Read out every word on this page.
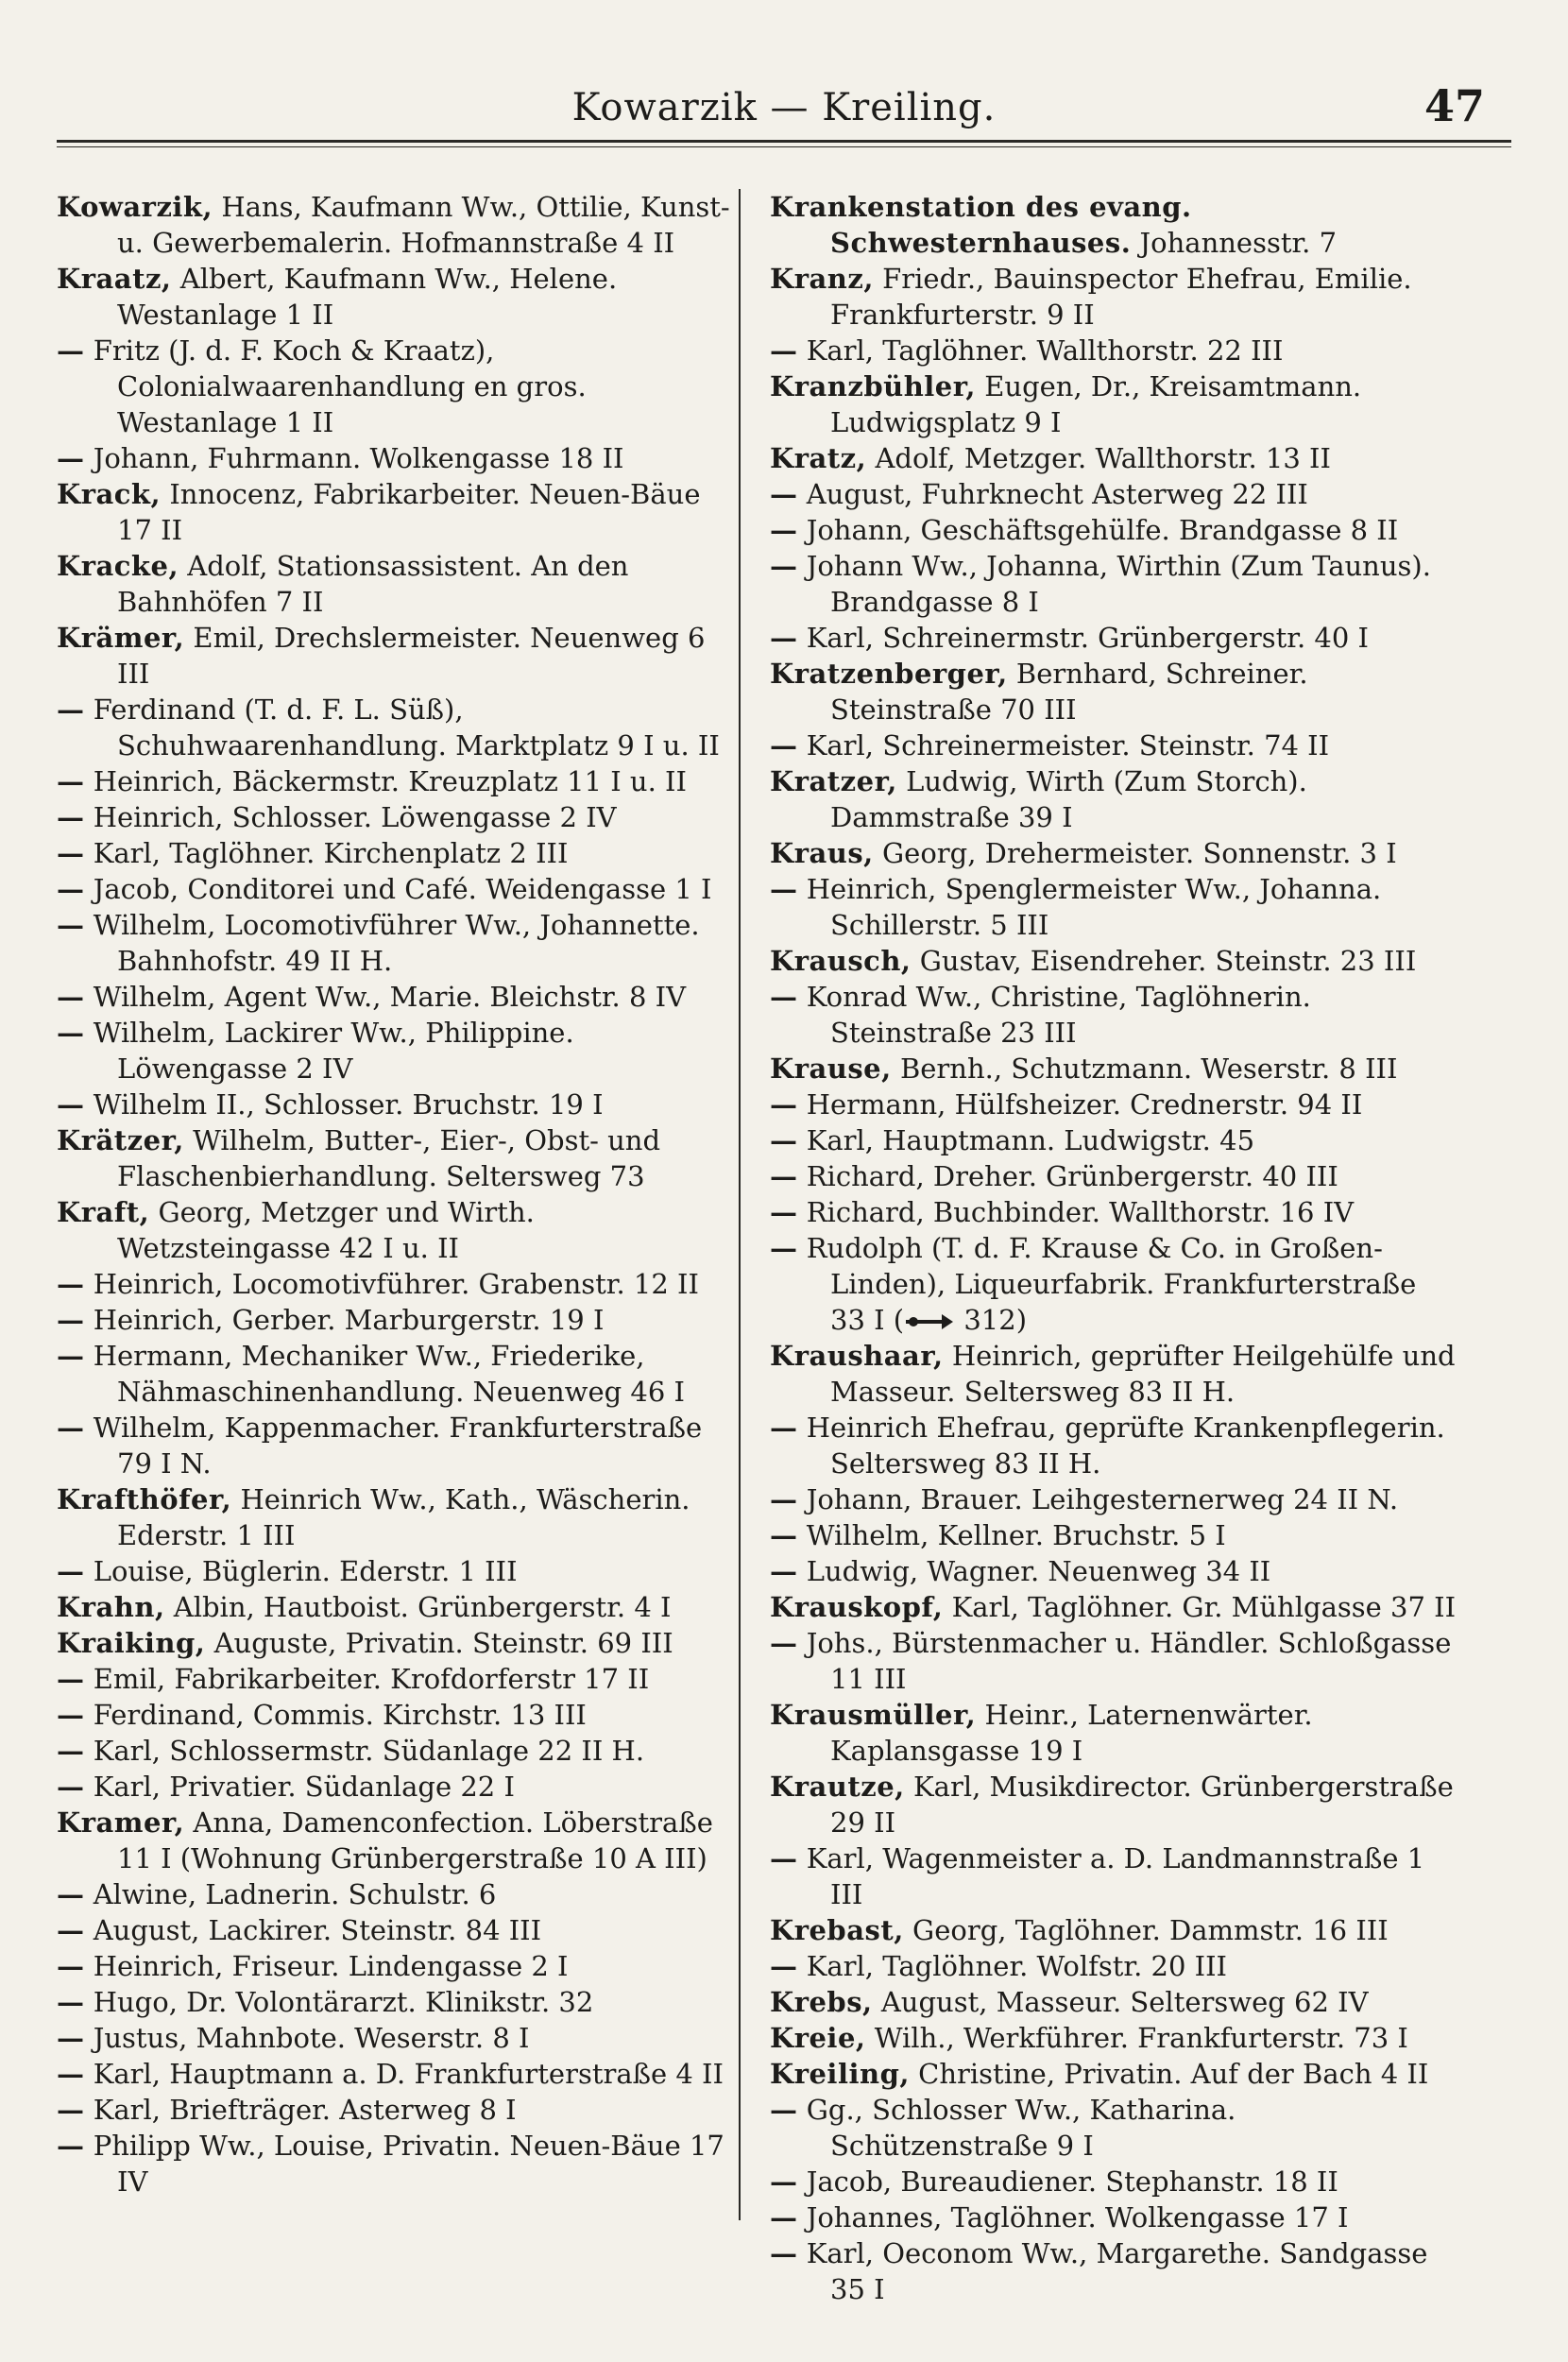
Kowarzik — Kreiling.	47

Kowarzik, Hans, Kaufmann Ww., Ottilie, Kunst- u. Gewerbemalerin. Hofmannstraße 4 II

Kraatz, Albert, Kaufmann Ww., Helene. Westanlage 1 II

— Fritz (J. d. F. Koch & Kraatz), Colonialwaarenhandlung en gros. Westanlage 1 II

— Johann, Fuhrmann. Wolkengasse 18 II

Krack, Innocenz, Fabrikarbeiter. Neuen-Bäue 17 II

Kracke, Adolf, Stationsassistent. An den Bahnhöfen 7 II

Krämer, Emil, Drechslermeister. Neuenweg 6 III

— Ferdinand (T. d. F. L. Süß), Schuhwaarenhandlung. Marktplatz 9 I u. II

— Heinrich, Bäckermstr. Kreuzplatz 11 I u. II

— Heinrich, Schlosser. Löwengasse 2 IV

— Karl, Taglöhner. Kirchenplatz 2 III

— Jacob, Conditorei und Café. Weidengasse 1 I

— Wilhelm, Locomotivführer Ww., Johannette. Bahnhofstr. 49 II H.

— Wilhelm, Agent Ww., Marie. Bleichstr. 8 IV

— Wilhelm, Lackirer Ww., Philippine. Löwengasse 2 IV

— Wilhelm II., Schlosser. Bruchstr. 19 I

Krätzer, Wilhelm, Butter-, Eier-, Obst- und Flaschenbierhandlung. Seltersweg 73

Kraft, Georg, Metzger und Wirth. Wetzsteingasse 42 I u. II

— Heinrich, Locomotivführer. Grabenstr. 12 II

— Heinrich, Gerber. Marburgerstr. 19 I

— Hermann, Mechaniker Ww., Friederike, Nähmaschinenhandlung. Neuenweg 46 I

— Wilhelm, Kappenmacher. Frankfurterstraße 79 I N.

Krafthöfer, Heinrich Ww., Kath., Wäscherin. Ederstr. 1 III

— Louise, Büglerin. Ederstr. 1 III

Krahn, Albin, Hautboist. Grünbergerstr. 4 I

Kraiking, Auguste, Privatin. Steinstr. 69 III

— Emil, Fabrikarbeiter. Krofdorferstr 17 II

— Ferdinand, Commis. Kirchstr. 13 III

— Karl, Schlossermstr. Südanlage 22 II H.

— Karl, Privatier. Südanlage 22 I

Kramer, Anna, Damenconfection. Löberstraße 11 I (Wohnung Grünbergerstraße 10 A III)

— Alwine, Ladnerin. Schulstr. 6

— August, Lackirer. Steinstr. 84 III

— Heinrich, Friseur. Lindengasse 2 I

— Hugo, Dr. Volontärarzt. Klinikstr. 32

— Justus, Mahnbote. Weserstr. 8 I

— Karl, Hauptmann a. D. Frankfurterstraße 4 II

— Karl, Briefträger. Asterweg 8 I

— Philipp Ww., Louise, Privatin. Neuen-Bäue 17 IV

Krankenstation des evang. Schwesternhauses. Johannesstr. 7

Kranz, Friedr., Bauinspector Ehefrau, Emilie. Frankfurterstr. 9 II

— Karl, Taglöhner. Wallthorstr. 22 III

Kranzbühler, Eugen, Dr., Kreisamtmann. Ludwigsplatz 9 I

Kratz, Adolf, Metzger. Wallthorstr. 13 II

— August, Fuhrknecht Asterweg 22 III

— Johann, Geschäftsgehülfe. Brandgasse 8 II

— Johann Ww., Johanna, Wirthin (Zum Taunus). Brandgasse 8 I

— Karl, Schreinermstr. Grünbergerstr. 40 I

Kratzenberger, Bernhard, Schreiner. Steinstraße 70 III

— Karl, Schreinermeister. Steinstr. 74 II

Kratzer, Ludwig, Wirth (Zum Storch). Dammstraße 39 I

Kraus, Georg, Drehermeister. Sonnenstr. 3 I

— Heinrich, Spenglermeister Ww., Johanna. Schillerstr. 5 III

Krausch, Gustav, Eisendreher. Steinstr. 23 III

— Konrad Ww., Christine, Taglöhnerin. Steinstraße 23 III

Krause, Bernh., Schutzmann. Weserstr. 8 III

— Hermann, Hülfsheizer. Crednerstr. 94 II

— Karl, Hauptmann. Ludwigstr. 45

— Richard, Dreher. Grünbergerstr. 40 III

— Richard, Buchbinder. Wallthorstr. 16 IV

— Rudolph (T. d. F. Krause & Co. in Großen-Linden), Liqueurfabrik. Frankfurterstraße 33 I ( 312)

Kraushaar, Heinrich, geprüfter Heilgehülfe und Masseur. Seltersweg 83 II H.

— Heinrich Ehefrau, geprüfte Krankenpflegerin. Seltersweg 83 II H.

— Johann, Brauer. Leihgesternerweg 24 II N.

— Wilhelm, Kellner. Bruchstr. 5 I

— Ludwig, Wagner. Neuenweg 34 II

Krauskopf, Karl, Taglöhner. Gr. Mühlgasse 37 II

— Johs., Bürstenmacher u. Händler. Schloßgasse 11 III

Krausmüller, Heinr., Laternenwärter. Kaplansgasse 19 I

Krautze, Karl, Musikdirector. Grünbergerstraße 29 II

— Karl, Wagenmeister a. D. Landmannstraße 1 III

Krebast, Georg, Taglöhner. Dammstr. 16 III

— Karl, Taglöhner. Wolfstr. 20 III

Krebs, August, Masseur. Seltersweg 62 IV

Kreie, Wilh., Werkführer. Frankfurterstr. 73 I

Kreiling, Christine, Privatin. Auf der Bach 4 II

— Gg., Schlosser Ww., Katharina. Schützenstraße 9 I

— Jacob, Bureaudiener. Stephanstr. 18 II

— Johannes, Taglöhner. Wolkengasse 17 I

— Karl, Oeconom Ww., Margarethe. Sandgasse 35 I
